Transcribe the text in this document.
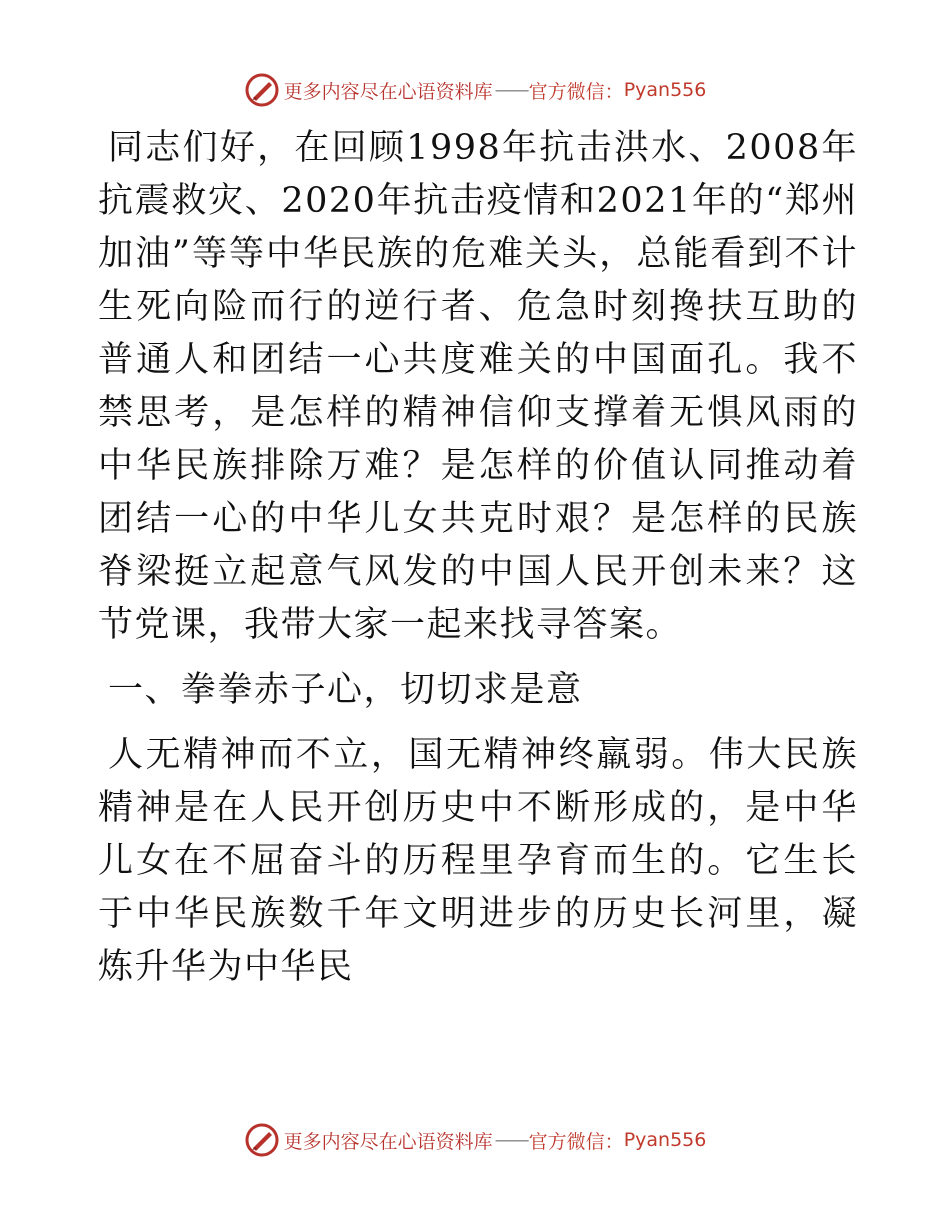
更多内容尽在心语资料库 —— 官方微信： Pyan556

同志们好，在回顾1998年抗击洪水、2008年抗震救灾、2020年抗击疫情和2021年的“郑州加油”等等中华民族的危难关头，总能看到不计生死向险而行的逆行者、危急时刻搀扶互助的普通人和团结一心共度难关的中国面孔。我不禁思考，是怎样的精神信仰支撑着无惧风雨的中华民族排除万难？是怎样的价值认同推动着团结一心的中华儿女共克时艰？是怎样的民族脊梁挺立起意气风发的中国人民开创未来？这节党课，我带大家一起来找寻答案。

一、拳拳赤子心，切切求是意

人无精神而不立，国无精神终羸弱。伟大民族精神是在人民开创历史中不断形成的，是中华儿女在不屈奋斗的历程里孕育而生的。它生长于中华民族数千年文明进步的历史长河里，凝炼升华为中华民

更多内容尽在心语资料库 —— 官方微信： Pyan556
